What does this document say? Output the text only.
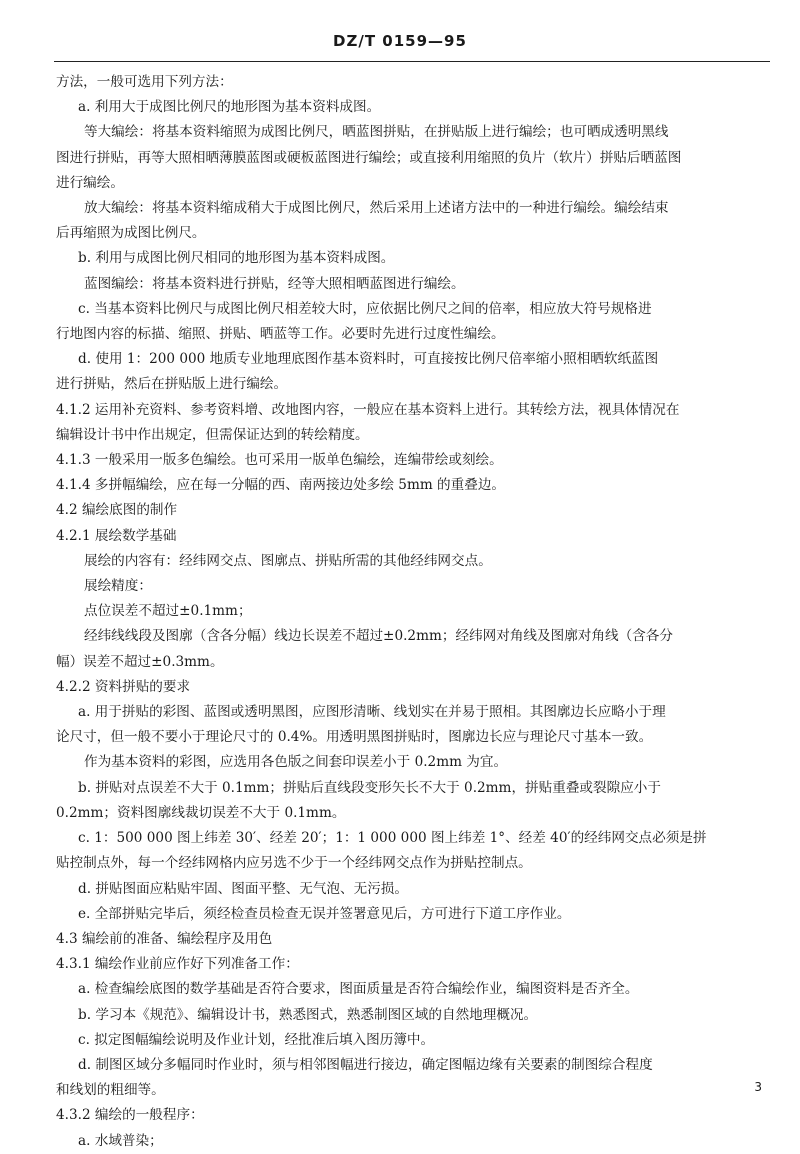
DZ/T 0159—95
方法，一般可选用下列方法：
a. 利用大于成图比例尺的地形图为基本资料成图。
等大编绘：将基本资料缩照为成图比例尺，晒蓝图拼贴，在拼贴版上进行编绘；也可晒成透明黑线
图进行拼贴，再等大照相晒薄膜蓝图或硬板蓝图进行编绘；或直接利用缩照的负片（软片）拼贴后晒蓝图
进行编绘。
放大编绘：将基本资料缩成稍大于成图比例尺，然后采用上述诸方法中的一种进行编绘。编绘结束
后再缩照为成图比例尺。
b. 利用与成图比例尺相同的地形图为基本资料成图。
蓝图编绘：将基本资料进行拼贴，经等大照相晒蓝图进行编绘。
c. 当基本资料比例尺与成图比例尺相差较大时，应依据比例尺之间的倍率，相应放大符号规格进
行地图内容的标描、缩照、拼贴、晒蓝等工作。必要时先进行过度性编绘。
d. 使用 1：200 000 地质专业地理底图作基本资料时，可直接按比例尺倍率缩小照相晒软纸蓝图
进行拼贴，然后在拼贴版上进行编绘。
4.1.2 运用补充资料、参考资料增、改地图内容，一般应在基本资料上进行。其转绘方法，视具体情况在
编辑设计书中作出规定，但需保证达到的转绘精度。
4.1.3 一般采用一版多色编绘。也可采用一版单色编绘，连编带绘或刻绘。
4.1.4 多拼幅编绘，应在每一分幅的西、南两接边处多绘 5mm 的重叠边。
4.2 编绘底图的制作
4.2.1 展绘数学基础
展绘的内容有：经纬网交点、图廓点、拼贴所需的其他经纬网交点。
展绘精度：
点位误差不超过±0.1mm；
经纬线线段及图廓（含各分幅）线边长误差不超过±0.2mm；经纬网对角线及图廓对角线（含各分
幅）误差不超过±0.3mm。
4.2.2 资料拼贴的要求
a. 用于拼贴的彩图、蓝图或透明黑图，应图形清晰、线划实在并易于照相。其图廓边长应略小于理
论尺寸，但一般不要小于理论尺寸的 0.4%。用透明黑图拼贴时，图廓边长应与理论尺寸基本一致。
作为基本资料的彩图，应选用各色版之间套印误差小于 0.2mm 为宜。
b. 拼贴对点误差不大于 0.1mm；拼贴后直线段变形矢长不大于 0.2mm，拼贴重叠或裂隙应小于
0.2mm；资料图廓线裁切误差不大于 0.1mm。
c. 1：500 000 图上纬差 30′、经差 20′；1：1 000 000 图上纬差 1°、经差 40′的经纬网交点必须是拼
贴控制点外，每一个经纬网格内应另选不少于一个经纬网交点作为拼贴控制点。
d. 拼贴图面应粘贴牢固、图面平整、无气泡、无污损。
e. 全部拼贴完毕后，须经检查员检查无误并签署意见后，方可进行下道工序作业。
4.3 编绘前的准备、编绘程序及用色
4.3.1 编绘作业前应作好下列准备工作：
a. 检查编绘底图的数学基础是否符合要求，图面质量是否符合编绘作业，编图资料是否齐全。
b. 学习本《规范》、编辑设计书，熟悉图式，熟悉制图区域的自然地理概况。
c. 拟定图幅编绘说明及作业计划，经批准后填入图历簿中。
d. 制图区域分多幅同时作业时，须与相邻图幅进行接边，确定图幅边缘有关要素的制图综合程度
和线划的粗细等。
4.3.2 编绘的一般程序：
a. 水域普染；
3
